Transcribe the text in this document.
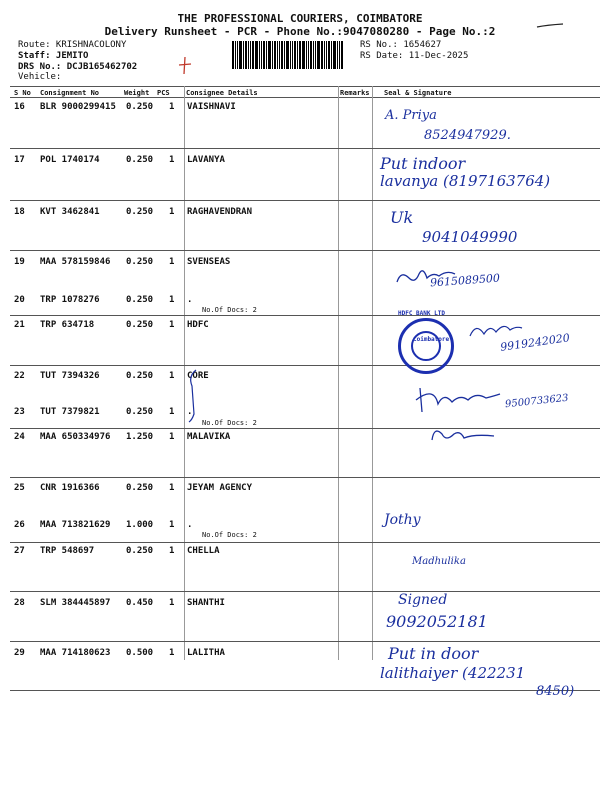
THE PROFESSIONAL COURIERS, COIMBATORE
Delivery Runsheet - PCR - Phone No.:9047080280 - Page No.:2
Route: KRISHNACOLONY
Staff: JEMITO
DRS No.: DCJB165462702
Vehicle:
RS No.: 1654627
RS Date: 11-Dec-2025
S No Consignment No	Weight PCS Consignee Details	Remarks Seal & Signature
16 BLR 9000299415 0.250 1 VAISHNAVI
17 POL 1740174	0.250 1 LAVANYA
18 KVT 3462841	0.250 1 RAGHAVENDRAN
19 MAA 578159846 0.250 1 SVENSEAS
20 TRP 1078276	0.250 1 .
21 TRP 634718	0.250 1 HDFC
22 TUT 7394326	0.250 1 CORE
23 TUT 7379821	0.250 1 .
24 MAA 650334976 1.250 1 MALAVIKA
25 CNR 1916366	0.250 1 JEYAM AGENCY
26 MAA 713821629 1.000 1 .
27 TRP 548697	0.250 1 CHELLA
28 SLM 384445897 0.450 1 SHANTHI
29 MAA 714180623 0.500 1 LALITHA
No.Of Docs: 2
No.Of Docs: 2
No.Of Docs: 2
A. Priya
8524947929.
Put indoor
lavanya (8197163764)
Uk
9041049990
9615089500
Coimbatore
HDFC BANK LTD
9919242020
9500733623
Jothy
Madhulika
Signed
9092052181
Put in door
lalithaiyer (422231
8450)
